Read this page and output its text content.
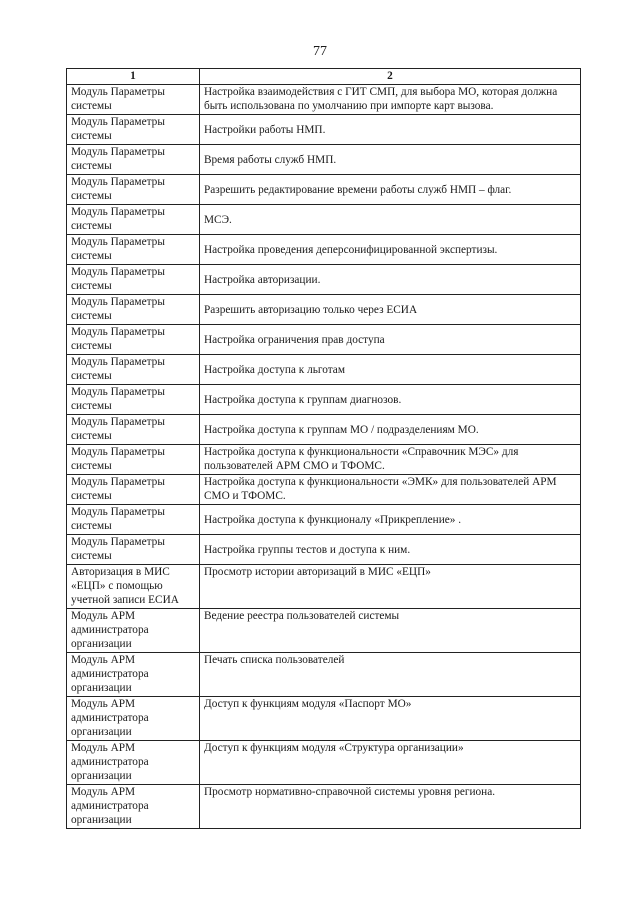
77
1	2
Модуль Параметры системы	Настройка взаимодействия с ГИТ СМП, для выбора МО, которая должна быть использована по умолчанию при импорте карт вызова.
Модуль Параметры системы	Настройки работы НМП.
Модуль Параметры системы	Время работы служб НМП.
Модуль Параметры системы	Разрешить редактирование времени работы служб НМП – флаг.
Модуль Параметры системы	МСЭ.
Модуль Параметры системы	Настройка проведения деперсонифицированной экспертизы.
Модуль Параметры системы	Настройка авторизации.
Модуль Параметры системы	Разрешить авторизацию только через ЕСИА
Модуль Параметры системы	Настройка ограничения прав доступа
Модуль Параметры системы	Настройка доступа к льготам
Модуль Параметры системы	Настройка доступа к группам диагнозов.
Модуль Параметры системы	Настройка доступа к группам МО / подразделениям МО.
Модуль Параметры системы	Настройка доступа к функциональности «Справочник МЭС» для пользователей АРМ СМО и ТФОМС.
Модуль Параметры системы	Настройка доступа к функциональности «ЭМК» для пользователей АРМ СМО и ТФОМС.
Модуль Параметры системы	Настройка доступа к функционалу «Прикрепление» .
Модуль Параметры системы	Настройка группы тестов и доступа к ним.
Авторизация в МИС «ЕЦП» с помощью учетной записи ЕСИА	Просмотр истории авторизаций в МИС «ЕЦП»
Модуль АРМ администратора организации	Ведение реестра пользователей системы
Модуль АРМ администратора организации	Печать списка пользователей
Модуль АРМ администратора организации	Доступ к функциям модуля «Паспорт МО»
Модуль АРМ администратора организации	Доступ к функциям модуля «Структура организации»
Модуль АРМ администратора организации	Просмотр нормативно-справочной системы уровня региона.
